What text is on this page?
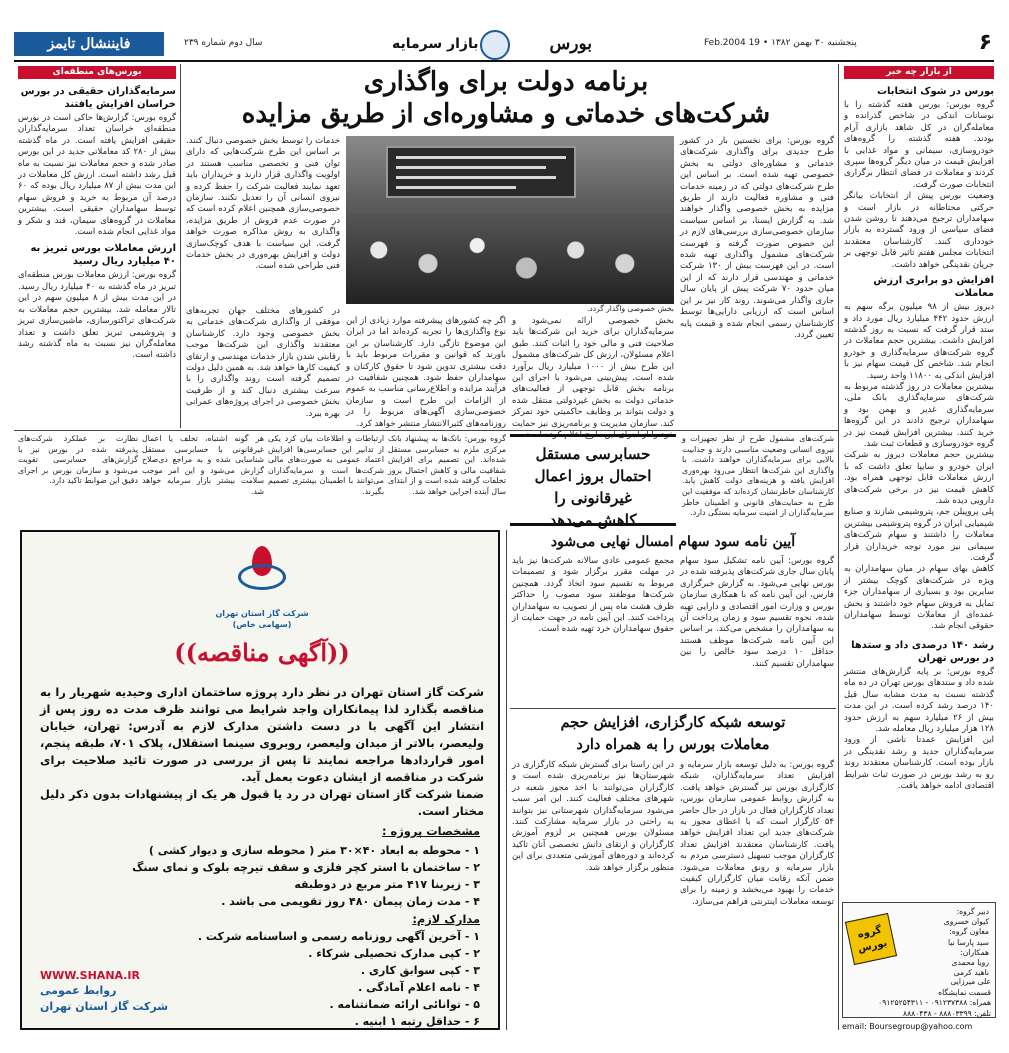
۶
پنجشنبه ۳۰ بهمن ۱۳۸۲ • 19 Feb.2004
بورس
بازار سرمایه
سال دوم شماره ۲۳۹
فایننشال تایمز
از بازار چه خبر
بورس در شوک انتخابات

گروه بورس: بورس هفته گذشته را با نوسانات اندکی در شاخص گذرانده و معامله‌گران در کل شاهد بازاری آرام بودند. هفته گذشته را گروه‌های خودروسازی، سیمانی و مواد غذایی با افزایش قیمت در میان دیگر گروه‌ها سپری کردند و معاملات در فضای انتظار برگزاری انتخابات صورت گرفت.

وضعیت بورس پیش از انتخابات بیانگر حرکتی محتاطانه در بازار است و سهامداران ترجیح می‌دهند تا روشن شدن فضای سیاسی از ورود گسترده به بازار خودداری کنند. کارشناسان معتقدند انتخابات مجلس هفتم تاثیر قابل توجهی بر جریان نقدینگی خواهد داشت.

افزایش دو برابری ارزش معاملات

دیروز بیش از ۹۸ میلیون برگه سهم به ارزش حدود ۴۴۲ میلیارد ریال مورد داد و ستد قرار گرفت که نسبت به روز گذشته افزایش داشت. بیشترین حجم معاملات در گروه شرکت‌های سرمایه‌گذاری و خودرو انجام شد. شاخص کل قیمت سهام نیز با افزایش اندکی به ۱۱۸۰۰ واحد رسید.

بیشترین معاملات در روز گذشته مربوط به شرکت‌های سرمایه‌گذاری بانک ملی، سرمایه‌گذاری غدیر و بهمن بود و سهامداران ترجیح دادند در این گروه‌ها خرید کنند. بیشترین افزایش قیمت نیز در گروه خودروسازی و قطعات ثبت شد.

بیشترین حجم معاملات دیروز به شرکت ایران خودرو و سایپا تعلق داشت که با ارزش معاملات قابل توجهی همراه بود. کاهش قیمت نیز در برخی شرکت‌های دارویی دیده شد.

پلی پروپیلن جم، پتروشیمی شازند و صنایع شیمیایی ایران در گروه پتروشیمی بیشترین معاملات را داشتند و سهام شرکت‌های سیمانی نیز مورد توجه خریداران قرار گرفت.

کاهش بهای سهام در میان سهامداران به ویژه در شرکت‌های کوچک بیشتر از سایرین بود و بسیاری از سهامداران جزء تمایل به فروش سهام خود داشتند و بخش عمده‌ای از معاملات توسط سهامداران حقوقی انجام شد.

رشد ۱۴۰ درصدی داد و ستدها در بورس تهران

گروه بورس: بر پایه گزارش‌های منتشر شده داد و ستدهای بورس تهران در ده ماه گذشته نسبت به مدت مشابه سال قبل ۱۴۰ درصد رشد کرده است. در این مدت بیش از ۲۶ میلیارد سهم به ارزش حدود ۱۲۸ هزار میلیارد ریال معامله شد.

این افزایش عمدتا ناشی از ورود سرمایه‌گذاران جدید و رشد نقدینگی در بازار بوده است. کارشناسان معتقدند روند رو به رشد بورس در صورت ثبات شرایط اقتصادی ادامه خواهد یافت.

بورس‌های منطقه‌ای
سرمایه‌گذاران حقیقی در بورس خراسان افزایش یافتند

گروه بورس: گزارش‌ها حاکی است در بورس منطقه‌ای خراسان تعداد سرمایه‌گذاران حقیقی افزایش یافته است. در ماه گذشته بیش از ۲۸۰ کد معاملاتی جدید در این بورس صادر شده و حجم معاملات نیز نسبت به ماه قبل رشد داشته است. ارزش کل معاملات در این مدت بیش از ۸۷ میلیارد ریال بوده که ۶۰ درصد آن مربوط به خرید و فروش سهام توسط سهامداران حقیقی است. بیشترین معاملات در گروه‌های سیمان، قند و شکر و مواد غذایی انجام شده است.

ارزش معاملات بورس تبریز به ۴۰ میلیارد ریال رسید

گروه بورس: ارزش معاملات بورس منطقه‌ای تبریز در ماه گذشته به ۴۰ میلیارد ریال رسید. در این مدت بیش از ۸ میلیون سهم در این تالار معامله شد. بیشترین حجم معاملات به شرکت‌های تراکتورسازی، ماشین‌سازی تبریز و پتروشیمی تبریز تعلق داشت و تعداد معامله‌گران نیز نسبت به ماه گذشته رشد داشته است.

برنامه دولت برای واگذاری
شرکت‌های خدماتی و مشاوره‌ای از طریق مزایده
گروه بورس: برای نخستین بار در کشور طرح جدیدی برای واگذاری شرکت‌های خدماتی و مشاوره‌ای دولتی به بخش خصوصی تهیه شده است. بر اساس این طرح شرکت‌های دولتی که در زمینه خدمات فنی و مشاوره فعالیت دارند از طریق مزایده به بخش خصوصی واگذار خواهند شد. به گزارش ایسنا، بر اساس سیاست سازمان خصوصی‌سازی بررسی‌های لازم در این خصوص صورت گرفته و فهرست شرکت‌های مشمول واگذاری تهیه شده است. در این فهرست بیش از ۱۳۰ شرکت خدماتی و مهندسی قرار دارند که از این میان حدود ۷۰ شرکت پیش از پایان سال جاری واگذار می‌شوند. روند کار نیز بر این اساس است که ارزیابی دارایی‌ها توسط کارشناسان رسمی انجام شده و قیمت پایه تعیین گردد.
خدمات را توسط بخش خصوصی دنبال کنند. بر اساس این طرح شرکت‌هایی که دارای توان فنی و تخصصی مناسب هستند در اولویت واگذاری قرار دارند و خریداران باید تعهد نمایند فعالیت شرکت را حفظ کرده و نیروی انسانی آن را تعدیل نکنند. سازمان خصوصی‌سازی همچنین اعلام کرده است که در صورت عدم فروش از طریق مزایده، واگذاری به روش مذاکره صورت خواهد گرفت. این سیاست با هدف کوچک‌سازی دولت و افزایش بهره‌وری در بخش خدمات فنی طراحی شده است.
بخش خصوصی واگذار گردد.
در کشورهای مختلف جهان تجربه‌های موفقی از واگذاری شرکت‌های خدماتی به بخش خصوصی وجود دارد. کارشناسان معتقدند واگذاری این شرکت‌ها موجب رقابتی شدن بازار خدمات مهندسی و ارتقای کیفیت کارها خواهد شد. به همین دلیل دولت تصمیم گرفته است روند واگذاری را با سرعت بیشتری دنبال کند و از ظرفیت بخش خصوصی در اجرای پروژه‌های عمرانی بهره ببرد.
اگر چه کشورهای پیشرفته موارد زیادی از این نوع واگذاری‌ها را تجربه کرده‌اند اما در ایران این موضوع تازگی دارد. کارشناسان بر این باورند که قوانین و مقررات مربوط باید با دقت بیشتری تدوین شود تا حقوق کارکنان و سهامداران حفظ شود. همچنین شفافیت در فرآیند مزایده و اطلاع‌رسانی مناسب به عموم از الزامات این طرح است و سازمان خصوصی‌سازی آگهی‌های مربوط را در روزنامه‌های کثیرالانتشار منتشر خواهد کرد.
بخش خصوصی ارائه نمی‌شود و سرمایه‌گذاران برای خرید این شرکت‌ها باید صلاحیت فنی و مالی خود را اثبات کنند. طبق اعلام مسئولان، ارزش کل شرکت‌های مشمول این طرح بیش از ۱۰۰۰ میلیارد ریال برآورد شده است. پیش‌بینی می‌شود با اجرای این برنامه بخش قابل توجهی از فعالیت‌های خدماتی دولت به بخش غیردولتی منتقل شده و دولت بتواند بر وظایف حاکمیتی خود تمرکز کند. سازمان مدیریت و برنامه‌ریزی نیز حمایت خود را از اجرای این طرح اعلام کرده است.
حسابرسی مستقل
احتمال بروز اعمال
غیرقانونی را
کاهش می‌دهد
شرکت‌های مشمول طرح از نظر تجهیزات و نیروی انسانی وضعیت مناسبی دارند و جذابیت بالایی برای سرمایه‌گذاران خواهند داشت. با واگذاری این شرکت‌ها انتظار می‌رود بهره‌وری افزایش یافته و هزینه‌های دولت کاهش یابد. کارشناسان خاطرنشان کرده‌اند که موفقیت این طرح به حمایت‌های قانونی و اطمینان خاطر سرمایه‌گذاران از امنیت سرمایه بستگی دارد.
گروه بورس: بانک‌ها به پیشنهاد بانک مرکزی ملزم به حسابرسی مستقل شده‌اند. این تصمیم برای افزایش شفافیت مالی و کاهش احتمال بروز تخلفات گرفته شده است و از ابتدای سال آینده اجرایی خواهد شد.
ارتباطات و اطلاعات بیان کرد یکی از تدابیر این حسابرسی‌ها افزایش اعتماد عمومی به صورت‌های مالی شرکت‌ها است و سرمایه‌گذاران می‌توانند با اطمینان بیشتری تصمیم بگیرند.
هر گونه اشتباه، تخلف یا اعمال غیرقانونی با حسابرسی مستقل شناسایی شده و به مراجع ذی‌صلاح گزارش می‌شود و این امر موجب سلامت بیشتر بازار سرمایه خواهد شد.
نظارت بر عملکرد شرکت‌های پذیرفته شده در بورس نیز با گزارش‌های حسابرسی تقویت می‌شود و سازمان بورس بر اجرای دقیق این ضوابط تاکید دارد.
آیین نامه سود سهام امسال نهایی می‌شود
گروه بورس: آیین نامه تشکیل سود سهام پایان سال جاری شرکت‌های پذیرفته شده در بورس نهایی می‌شود. به گزارش خبرگزاری فارس، این آیین نامه که با همکاری سازمان بورس و وزارت امور اقتصادی و دارایی تهیه شده، نحوه تقسیم سود و زمان پرداخت آن به سهامداران را مشخص می‌کند. بر اساس این آیین نامه شرکت‌ها موظف هستند حداقل ۱۰ درصد سود خالص را بین سهامداران تقسیم کنند.
مجمع عمومی عادی سالانه شرکت‌ها نیز باید در مهلت مقرر برگزار شود و تصمیمات مربوط به تقسیم سود اتخاذ گردد. همچنین شرکت‌ها موظفند سود مصوب را حداکثر ظرف هشت ماه پس از تصویب به سهامداران پرداخت کنند. این آیین نامه در جهت حمایت از حقوق سهامداران خرد تهیه شده است.
توسعه شبکه کارگزاری، افزایش حجم
معاملات بورس را به همراه دارد
گروه بورس: به دلیل توسعه بازار سرمایه و افزایش تعداد سرمایه‌گذاران، شبکه کارگزاری بورس نیز گسترش خواهد یافت. به گزارش روابط عمومی سازمان بورس، تعداد کارگزاران فعال در بازار در حال حاضر ۵۴ کارگزار است که با اعطای مجوز به شرکت‌های جدید این تعداد افزایش خواهد یافت. کارشناسان معتقدند افزایش تعداد کارگزاران موجب تسهیل دسترسی مردم به بازار سرمایه و رونق معاملات می‌شود. ضمن آنکه رقابت میان کارگزاران کیفیت خدمات را بهبود می‌بخشد و زمینه را برای توسعه معاملات اینترنتی فراهم می‌سازد.
در این راستا برای گسترش شبکه کارگزاری در شهرستان‌ها نیز برنامه‌ریزی شده است و کارگزاران می‌توانند با اخذ مجوز شعبه در شهرهای مختلف فعالیت کنند. این امر سبب می‌شود سرمایه‌گذاران شهرستانی نیز بتوانند به راحتی در بازار سرمایه مشارکت کنند. مسئولان بورس همچنین بر لزوم آموزش کارگزاران و ارتقای دانش تخصصی آنان تاکید کرده‌اند و دوره‌های آموزشی متعددی برای این منظور برگزار خواهد شد.
شرکت گاز استان تهران
(سهامی خاص)
((آگهی مناقصه))

شرکت گاز استان تهران در نظر دارد پروژه ساختمان اداری وحیدیه شهریار را به مناقصه بگذارد لذا پیمانکاران واجد شرایط می توانند ظرف مدت ده روز پس از انتشار این آگهی با در دست داشتن مدارک لازم به آدرس: تهران، خیابان ولیعصر، بالاتر از میدان ولیعصر، روبروی سینما استقلال، پلاک ۷۰۱، طبقه پنجم، امور قراردادها مراجعه نمایند تا پس از بررسی در صورت تائید صلاحیت برای شرکت در مناقصه از ایشان دعوت بعمل آید.

ضمنا شرکت گاز استان تهران در رد یا قبول هر یک از پیشنهادات بدون ذکر دلیل مختار است.

مشخصات پروژه :
۱ - محوطه به ابعاد ۴۰×۳۰ متر ( محوطه سازی و دیوار کشی )
۲ - ساختمان با استر کچر فلزی و سقف تیرچه بلوک و نمای سنگ
۳ - زیربنا ۴۱۷ متر مربع در دوطبقه
۴ - مدت زمان پیمان ۴۸۰ روز تقویمی می باشد .
مدارک لازم:
۱ - آخرین آگهی روزنامه رسمی و اساسنامه شرکت .
۲ - کپی مدارک تحصیلی شرکاء .
۳ - کپی سوابق کاری .
۴ - نامه اعلام آمادگی .
۵ - توانائی ارائه ضمانتنامه .
۶ - حداقل رتبه ۱ ابنیه .
WWW.SHANA.IR
روابط عمومی
شرکت گاز استان تهران
گروه بورس
دبیر گروه:
کیوان خسروی
معاون گروه:
سید پارسا نیا
همکاران:
رویا محمدی
ناهید کرمی
علی میرزایی
قسمت نمایشگاه
همراه: ۰۹۱۲۳۷۳۸۸ - ۰۹۱۲۵۲۵۴۳۱۱
تلفن: ۸۸۸۰۳۳۹۹ - ۸۸۸۰۴۳۸
email: Boursegroup@yahoo.com
